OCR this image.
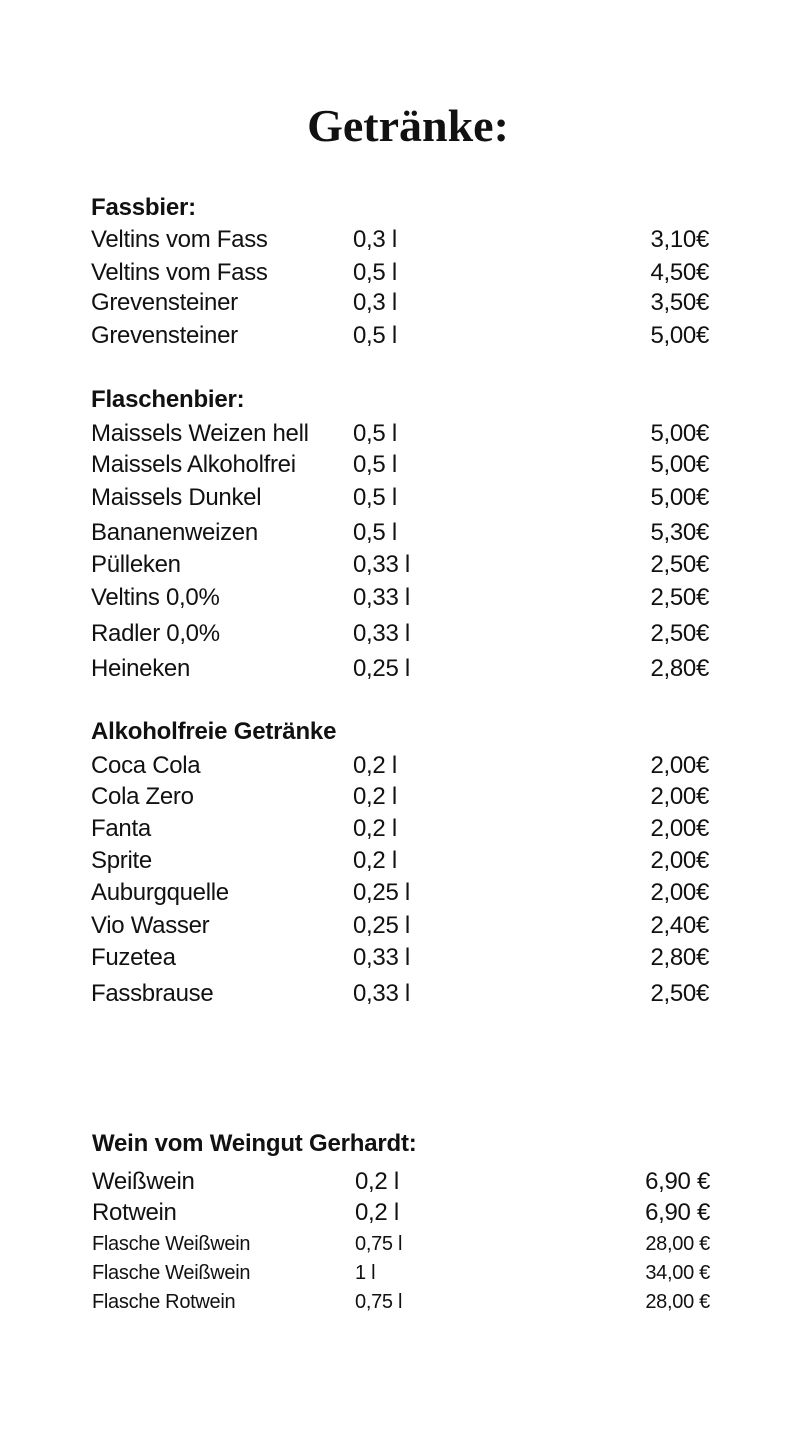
Getränke:
Fassbier:
Veltins vom Fass	0,3 l	3,10€
Veltins vom Fass	0,5 l	4,50€
Grevensteiner	0,3 l	3,50€
Grevensteiner	0,5 l	5,00€
Flaschenbier:
Maissels Weizen hell 0,5 l	5,00€
Maissels Alkoholfrei 0,5 l	5,00€
Maissels Dunkel	0,5 l	5,00€
Bananenweizen	0,5 l	5,30€
Pülleken	0,33 l	2,50€
Veltins 0,0%	0,33 l	2,50€
Radler 0,0%	0,33 l	2,50€
Heineken	0,25 l	2,80€
Alkoholfreie Getränke
Coca Cola	0,2 l	2,00€
Cola Zero	0,2 l	2,00€
Fanta	0,2 l	2,00€
Sprite	0,2 l	2,00€
Auburgquelle	0,25 l	2,00€
Vio Wasser	0,25 l	2,40€
Fuzetea	0,33 l	2,80€
Fassbrause	0,33 l	2,50€
Wein vom Weingut Gerhardt:
Weißwein	0,2 l	6,90 €
Rotwein	0,2 l	6,90 €
Flasche Weißwein	0,75 l	28,00 €
Flasche Weißwein	1 l	34,00 €
Flasche Rotwein	0,75 l	28,00 €
